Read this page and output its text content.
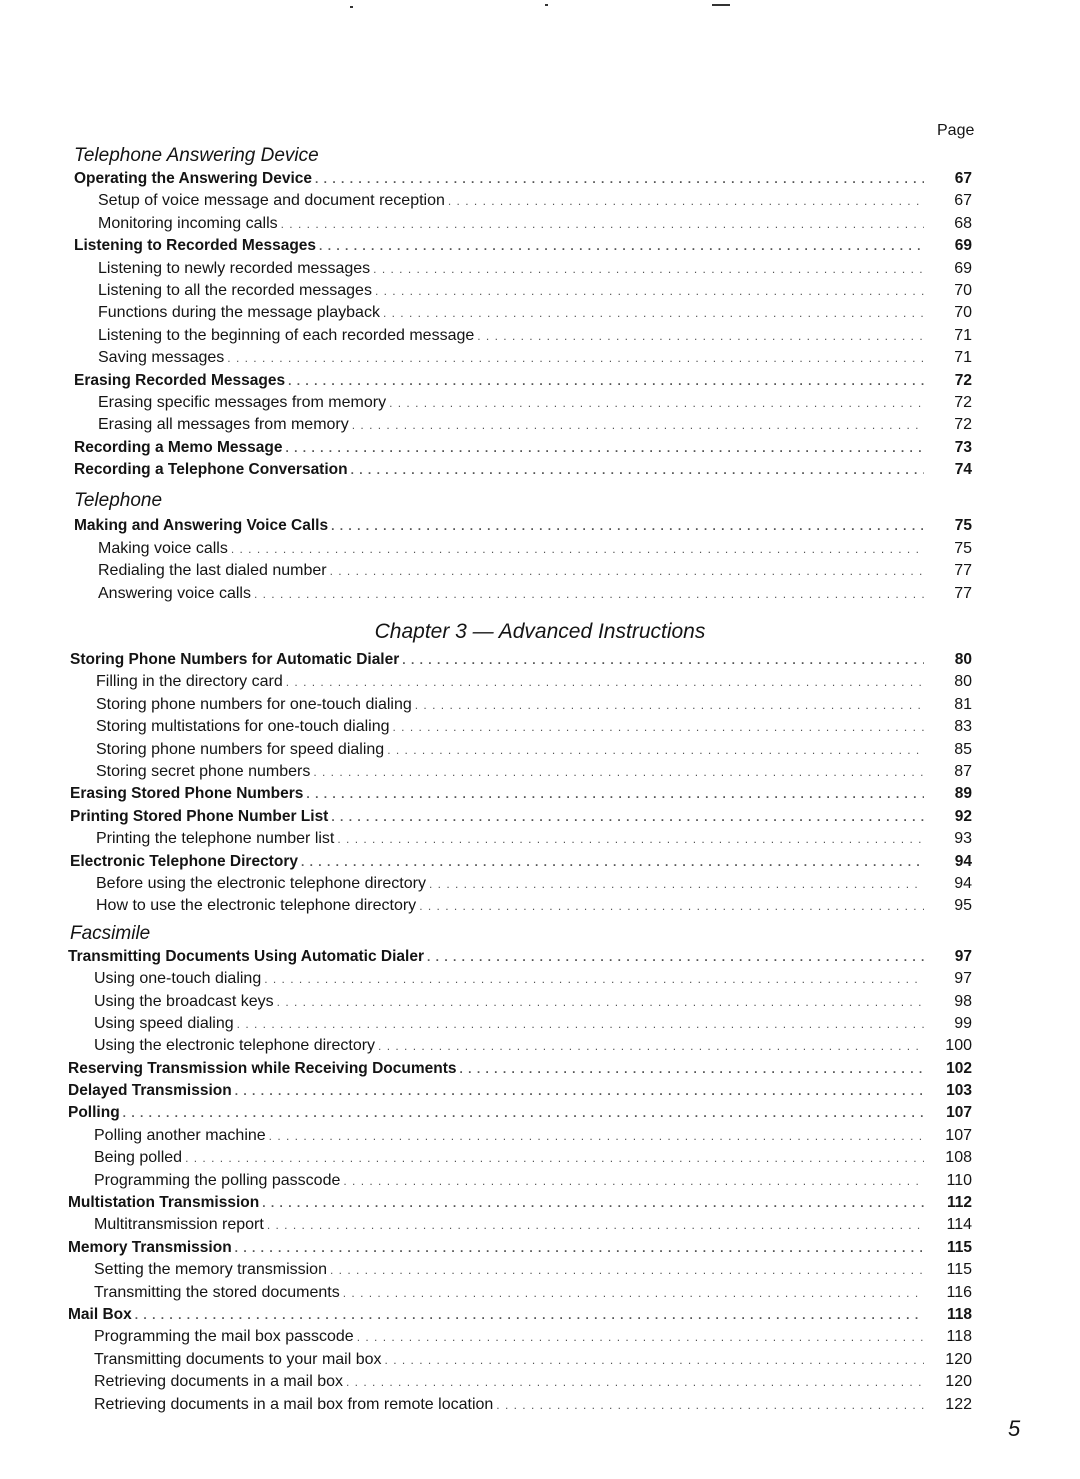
Page
Telephone Answering Device
Operating the Answering Device . . .	67
Setup of voice message and document reception . . .	67
Monitoring incoming calls . . .	68
Listening to Recorded Messages . . .	69
Listening to newly recorded messages . . .	69
Listening to all the recorded messages . . .	70
Functions during the message playback . . .	70
Listening to the beginning of each recorded message . . .	71
Saving messages . . .	71
Erasing Recorded Messages . . .	72
Erasing specific messages from memory . . .	72
Erasing all messages from memory . . .	72
Recording a Memo Message . . .	73
Recording a Telephone Conversation . . .	74
Telephone
Making and Answering Voice Calls . . .	75
Making voice calls . . .	75
Redialing the last dialed number . . .	77
Answering voice calls . . .	77
Chapter 3 — Advanced Instructions
Storing Phone Numbers for Automatic Dialer . . .	80
Filling in the directory card . . .	80
Storing phone numbers for one-touch dialing . . .	81
Storing multistations for one-touch dialing . . .	83
Storing phone numbers for speed dialing . . .	85
Storing secret phone numbers . . .	87
Erasing Stored Phone Numbers . . .	89
Printing Stored Phone Number List . . .	92
Printing the telephone number list . . .	93
Electronic Telephone Directory . . .	94
Before using the electronic telephone directory . . .	94
How to use the electronic telephone directory . . .	95
Facsimile
Transmitting Documents Using Automatic Dialer . . .	97
Using one-touch dialing . . .	97
Using the broadcast keys . . .	98
Using speed dialing . . .	99
Using the electronic telephone directory . . .	100
Reserving Transmission while Receiving Documents . . .	102
Delayed Transmission . . .	103
Polling . . .	107
Polling another machine . . .	107
Being polled . . .	108
Programming the polling passcode . . .	110
Multistation Transmission . . .	112
Multitransmission report . . .	114
Memory Transmission . . .	115
Setting the memory transmission . . .	115
Transmitting the stored documents . . .	116
Mail Box . . .	118
Programming the mail box passcode . . .	118
Transmitting documents to your mail box . . .	120
Retrieving documents in a mail box . . .	120
Retrieving documents in a mail box from remote location . . .	122
5
